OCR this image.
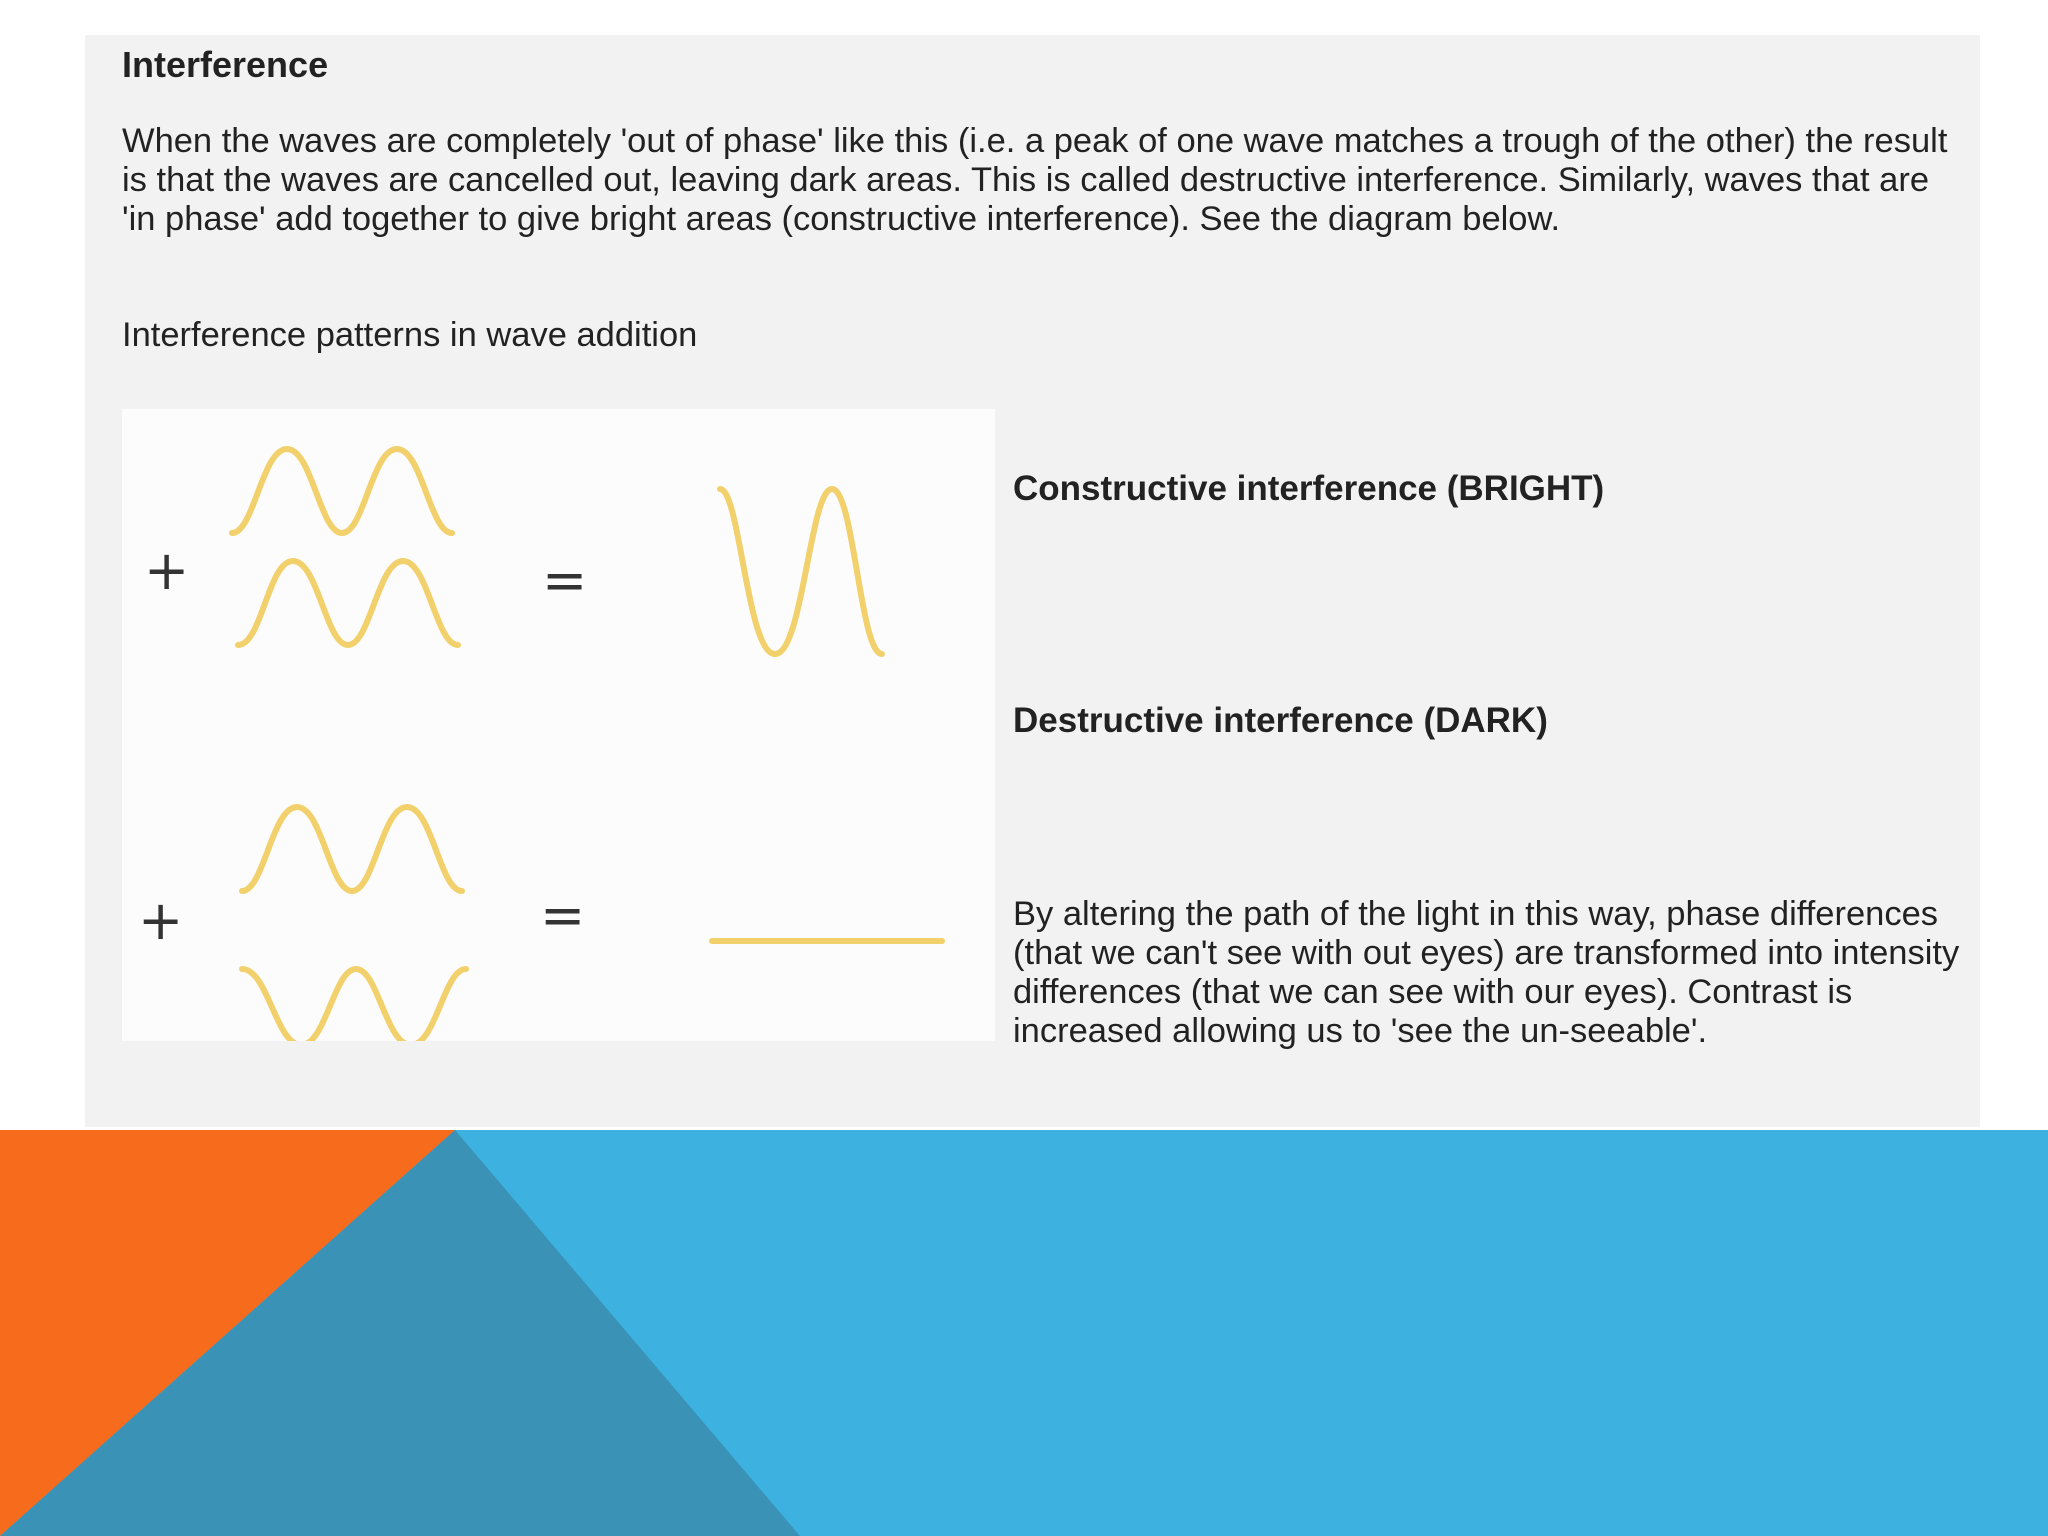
Interference
When the waves are completely 'out of phase' like this (i.e. a peak of one wave matches a trough of the other) the result is that the waves are cancelled out, leaving dark areas. This is called destructive interference. Similarly, waves that are 'in phase' add together to give bright areas (constructive interference). See the diagram below.
Interference patterns in wave addition
+	=
+	=
Constructive interference (BRIGHT)
Destructive interference (DARK)
By altering the path of the light in this way, phase differences (that we can't see with out eyes) are transformed into intensity differences (that we can see with our eyes). Contrast is increased allowing us to 'see the un-seeable'.
